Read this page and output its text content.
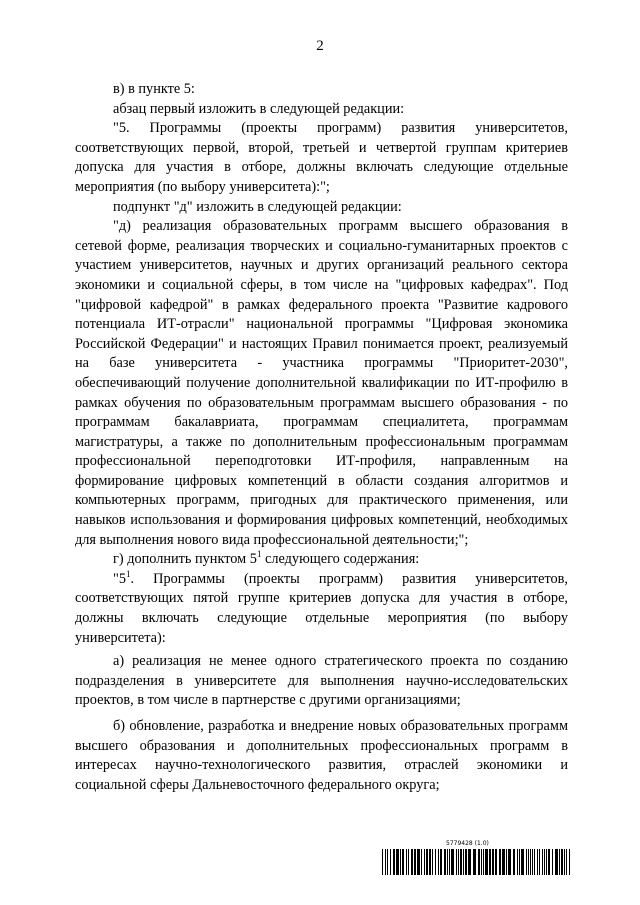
2

в) в пункте 5:

абзац первый изложить в следующей редакции:

"5. Программы (проекты программ) развития университетов, соответствующих первой, второй, третьей и четвертой группам критериев допуска для участия в отборе, должны включать следующие отдельные мероприятия (по выбору университета):";

подпункт "д" изложить в следующей редакции:

"д) реализация образовательных программ высшего образования в сетевой форме, реализация творческих и социально-гуманитарных проектов с участием университетов, научных и других организаций реального сектора экономики и социальной сферы, в том числе на "цифровых кафедрах". Под "цифровой кафедрой" в рамках федерального проекта "Развитие кадрового потенциала ИТ-отрасли" национальной программы "Цифровая экономика Российской Федерации" и настоящих Правил понимается проект, реализуемый на базе университета - участника программы "Приоритет-2030", обеспечивающий получение дополнительной квалификации по ИТ-профилю в рамках обучения по образовательным программам высшего образования - по программам бакалавриата, программам специалитета, программам магистратуры, а также по дополнительным профессиональным программам профессиональной переподготовки ИТ-профиля, направленным на формирование цифровых компетенций в области создания алгоритмов и компьютерных программ, пригодных для практического применения, или навыков использования и формирования цифровых компетенций, необходимых для выполнения нового вида профессиональной деятельности;";

г) дополнить пунктом $5^1$ следующего содержания:

"$5^1$. Программы (проекты программ) развития университетов, соответствующих пятой группе критериев допуска для участия в отборе, должны включать следующие отдельные мероприятия (по выбору университета):

а) реализация не менее одного стратегического проекта по созданию подразделения в университете для выполнения научно-исследовательских проектов, в том числе в партнерстве с другими организациями;

б) обновление, разработка и внедрение новых образовательных программ высшего образования и дополнительных профессиональных программ в интересах научно-технологического развития, отраслей экономики и социальной сферы Дальневосточного федерального округа;

5779428 (1.0)
